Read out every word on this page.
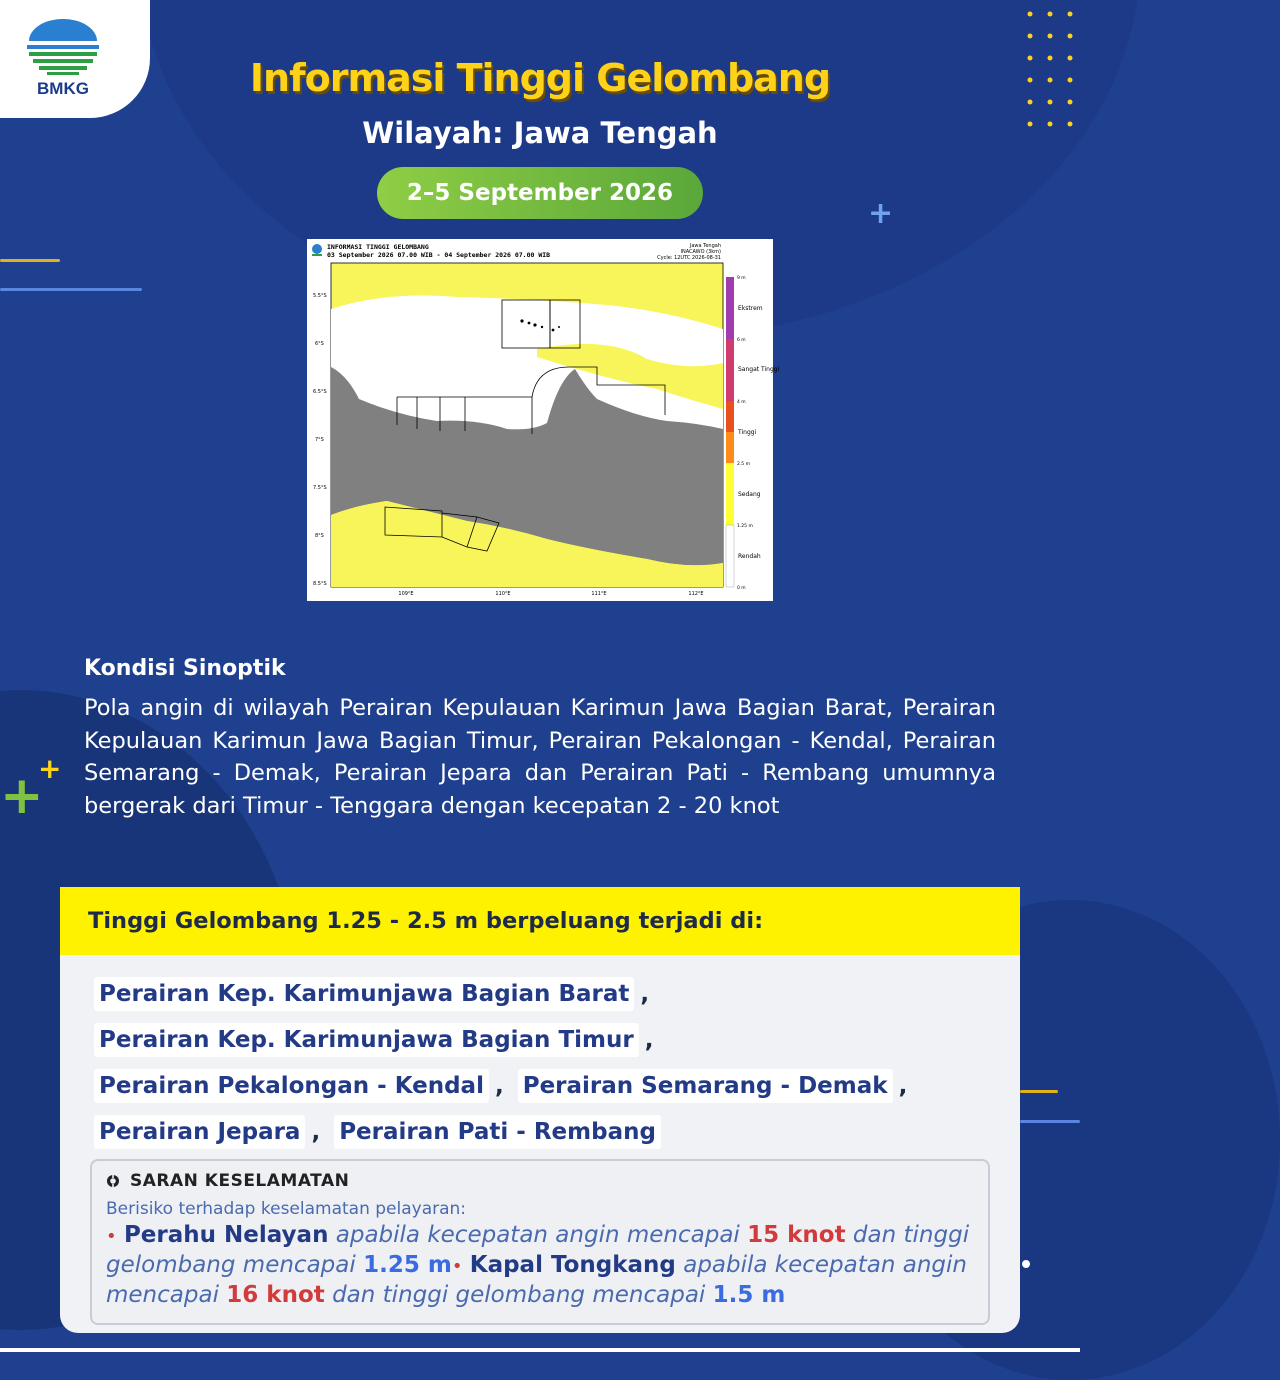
+
+
+
BMKG	Informasi Tinggi Gelombang
Wilayah: Jawa Tengah
2–5 September 2026
INFORMASI TINGGI GELOMBANG
03 September 2026 07.00 WIB - 04 September 2026 07.00 WIB
Jawa Tengah
INACAWO (3km)
Cycle: 12UTC 2026-08-31
5.5°S
6°S
6.5°S
7°S
7.5°S
8°S
8.5°S
109°E	110°E	111°E	112°E
9 m
6 m
4 m
2.5 m
1.25 m
0 m
Ekstrem
Sangat Tinggi
Tinggi
Sedang
Rendah
Kondisi Sinoptik
Pola angin di wilayah Perairan Kepulauan Karimun Jawa Bagian Barat, Perairan Kepulauan Karimun Jawa Bagian Timur, Perairan Pekalongan - Kendal, Perairan Semarang - Demak, Perairan Jepara dan Perairan Pati - Rembang umumnya bergerak dari Timur - Tenggara dengan kecepatan 2 - 20 knot
Tinggi Gelombang 1.25 - 2.5 m berpeluang terjadi di:
Perairan Kep. Karimunjawa Bagian Barat ,
Perairan Kep. Karimunjawa Bagian Timur ,
Perairan Pekalongan - Kendal , Perairan Semarang - Demak ,
Perairan Jepara , Perairan Pati - Rembang
SARAN KESELAMATAN
Berisiko terhadap keselamatan pelayaran:
• Perahu Nelayan apabila kecepatan angin mencapai 15 knot dan tinggi gelombang mencapai 1.25 m• Kapal Tongkang apabila kecepatan angin mencapai 16 knot dan tinggi gelombang mencapai 1.5 m
